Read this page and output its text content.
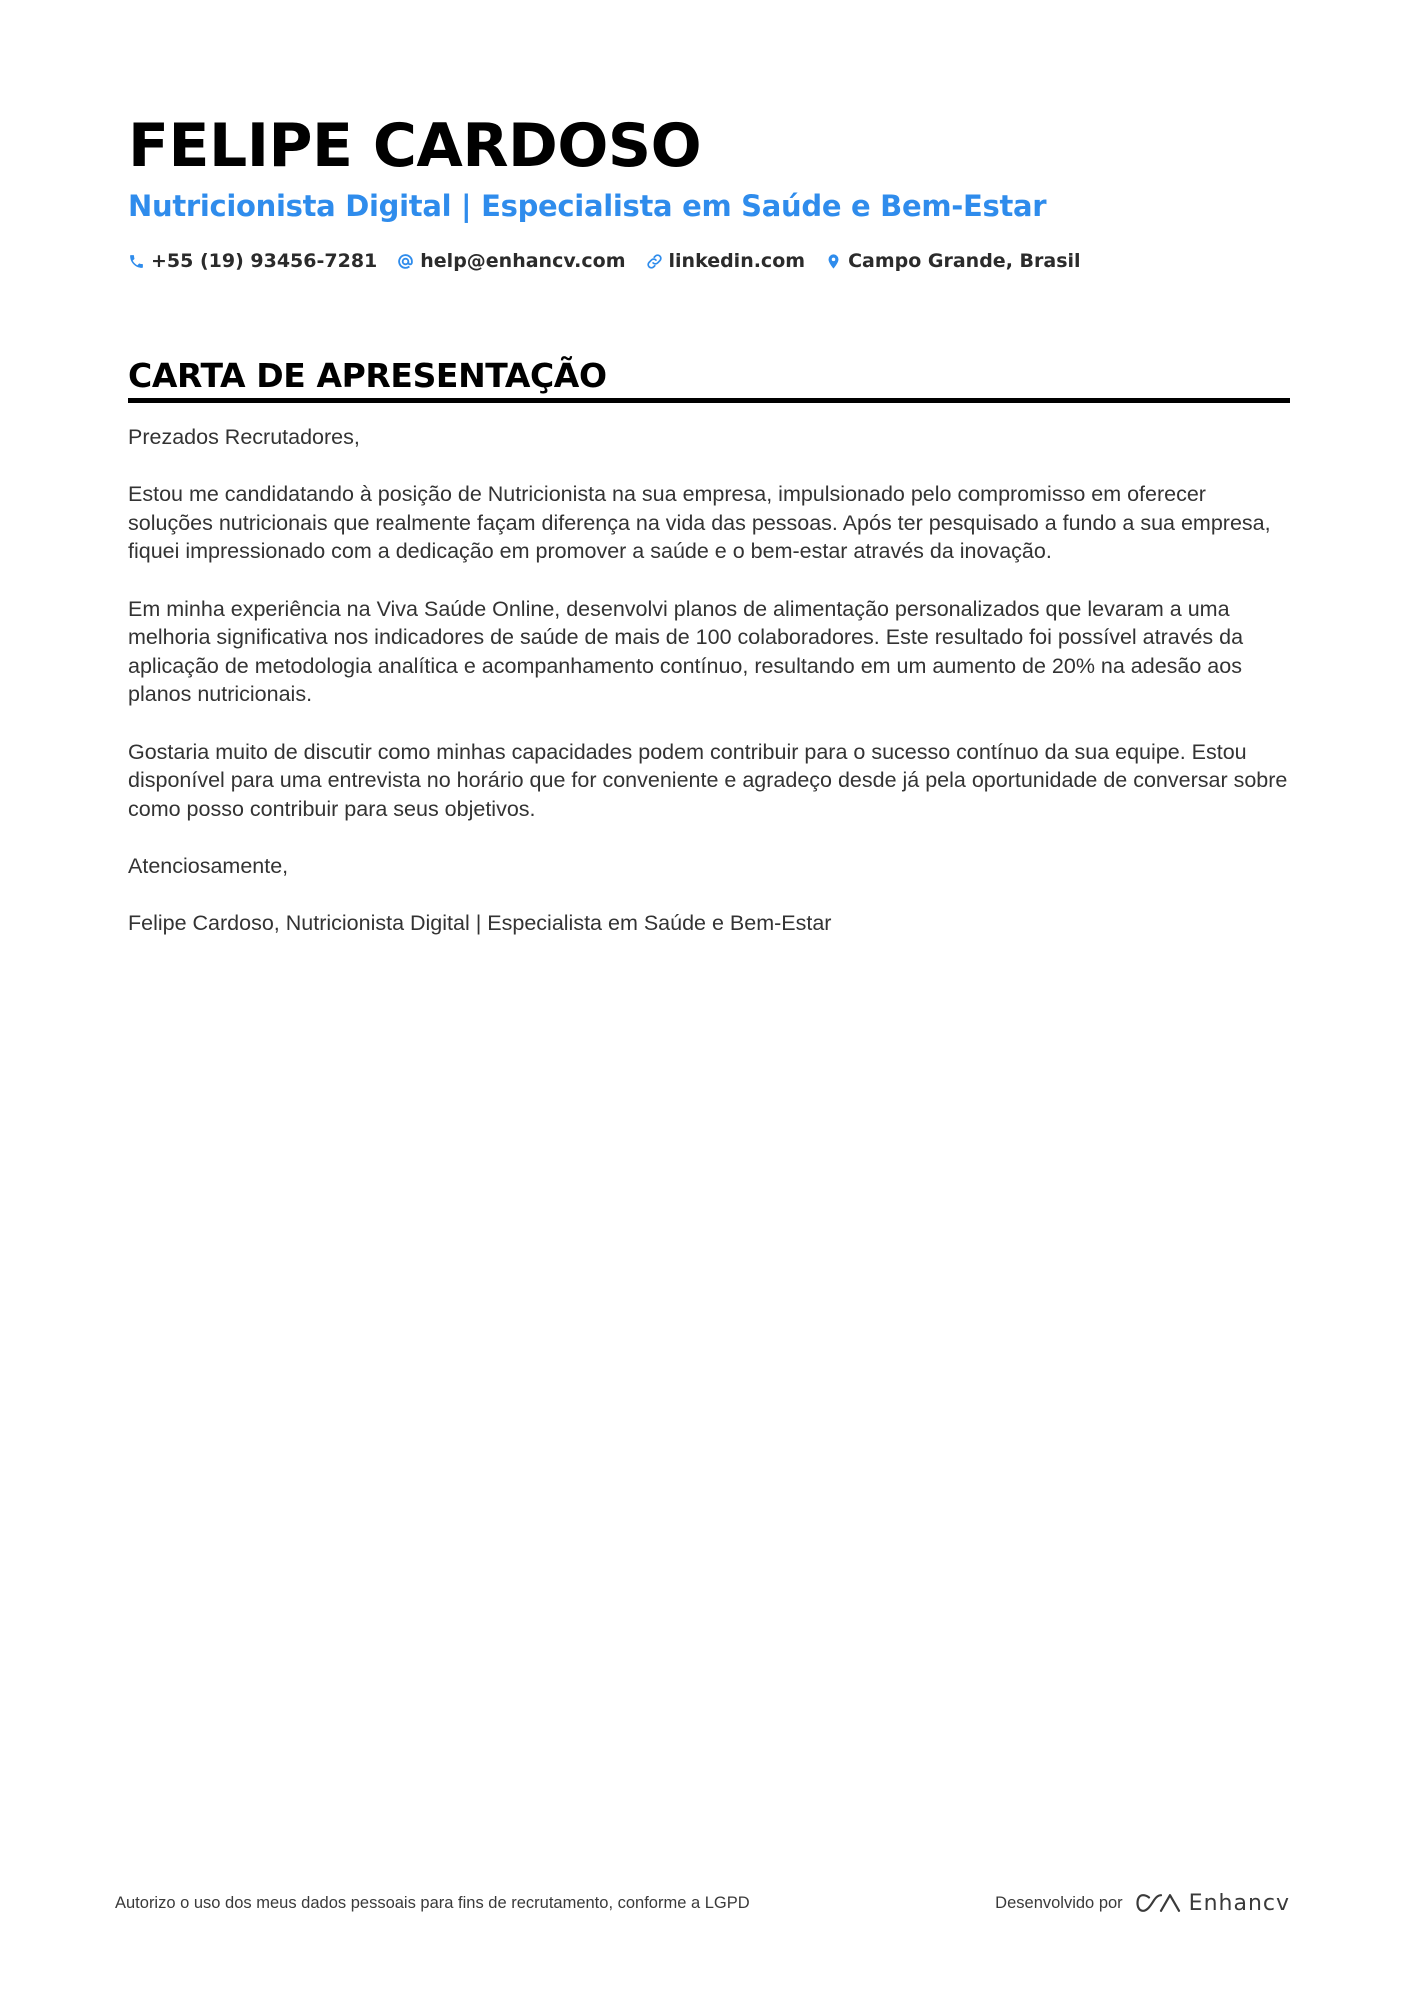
FELIPE CARDOSO
Nutricionista Digital | Especialista em Saúde e Bem-Estar
+55 (19) 93456-7281 help@enhancv.com linkedin.com Campo Grande, Brasil
CARTA DE APRESENTAÇÃO

Prezados Recrutadores,

Estou me candidatando à posição de Nutricionista na sua empresa, impulsionado pelo compromisso em oferecer soluções nutricionais que realmente façam diferença na vida das pessoas. Após ter pesquisado a fundo a sua empresa, fiquei impressionado com a dedicação em promover a saúde e o bem-estar através da inovação.

Em minha experiência na Viva Saúde Online, desenvolvi planos de alimentação personalizados que levaram a uma melhoria significativa nos indicadores de saúde de mais de 100 colaboradores. Este resultado foi possível através da aplicação de metodologia analítica e acompanhamento contínuo, resultando em um aumento de 20% na adesão aos planos nutricionais.

Gostaria muito de discutir como minhas capacidades podem contribuir para o sucesso contínuo da sua equipe. Estou disponível para uma entrevista no horário que for conveniente e agradeço desde já pela oportunidade de conversar sobre como posso contribuir para seus objetivos.

Atenciosamente,

Felipe Cardoso, Nutricionista Digital | Especialista em Saúde e Bem-Estar

Autorizo o uso dos meus dados pessoais para fins de recrutamento, conforme a LGPD	Desenvolvido por	Enhancv
